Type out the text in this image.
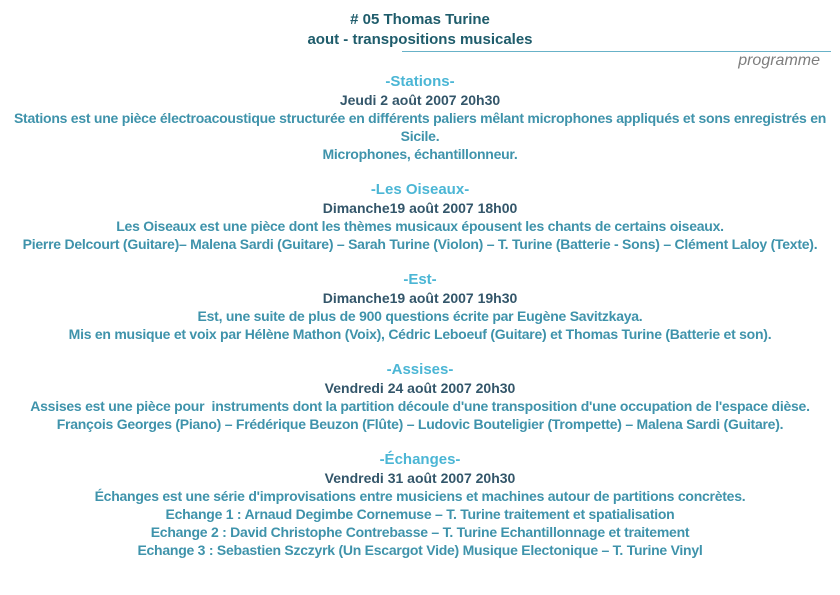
# 05 Thomas Turine
aout - transpositions musicales
programme
-Stations-

Jeudi 2 août 2007 20h30

Stations est une pièce électroacoustique structurée en différents paliers mêlant microphones appliqués et sons enregistrés en Sicile.

Microphones, échantillonneur.

-Les Oiseaux-

Dimanche19 août 2007 18h00

Les Oiseaux est une pièce dont les thèmes musicaux épousent les chants de certains oiseaux.

Pierre Delcourt (Guitare)– Malena Sardi (Guitare) – Sarah Turine (Violon) – T. Turine (Batterie - Sons) – Clément Laloy (Texte).

-Est-

Dimanche19 août 2007 19h30

Est, une suite de plus de 900 questions écrite par Eugène Savitzkaya.

Mis en musique et voix par Hélène Mathon (Voix), Cédric Leboeuf (Guitare) et Thomas Turine (Batterie et son).

-Assises-

Vendredi 24 août 2007 20h30

Assises est une pièce pour  instruments dont la partition découle d'une transposition d'une occupation de l'espace dièse.

François Georges (Piano) – Frédérique Beuzon (Flûte) – Ludovic Bouteligier (Trompette) – Malena Sardi (Guitare).

-Échanges-

Vendredi 31 août 2007 20h30

Échanges est une série d'improvisations entre musiciens et machines autour de partitions concrètes.

Echange 1 : Arnaud Degimbe Cornemuse – T. Turine traitement et spatialisation

Echange 2 : David Christophe Contrebasse – T. Turine Echantillonnage et traitement

Echange 3 : Sebastien Szczyrk (Un Escargot Vide) Musique Electonique – T. Turine Vinyl
